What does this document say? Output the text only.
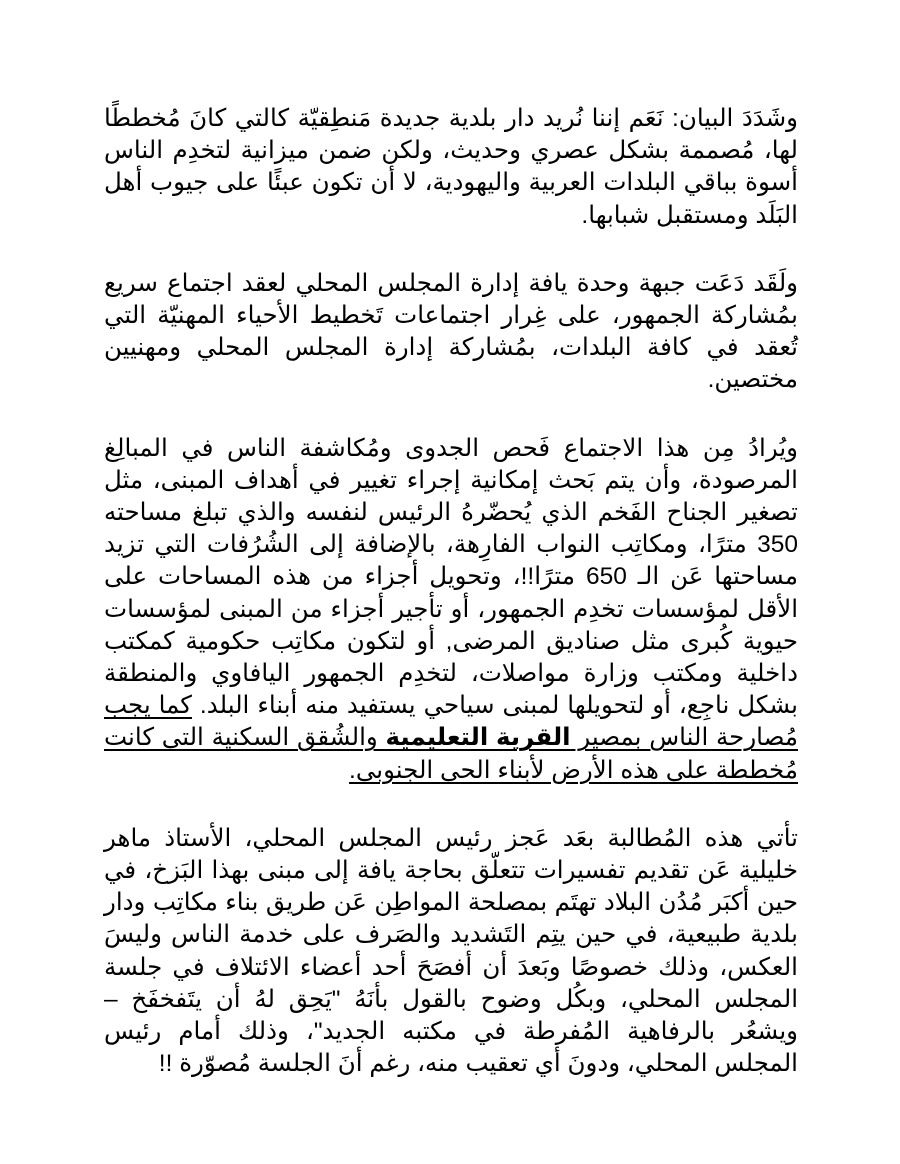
وشَدَدَ البيان: نَعَم إننا نُريد دار بلدية جديدة مَنطِقيّة كالتي كانَ مُخططًا لها، مُصممة بشكل عصري وحديث، ولكن ضمن ميزانية لتخدِم الناس أسوة بباقي البلدات العربية واليهودية، لا أن تكون عبئًا على جيوب أهل البَلَد ومستقبل شبابها.

ولَقَد دَعَت جبهة وحدة يافة إدارة المجلس المحلي لعقد اجتماع سريع بمُشاركة الجمهور، على غِرار اجتماعات تَخطيط الأحياء المهنيّة التي تُعقد في كافة البلدات، بمُشاركة إدارة المجلس المحلي ومهنيين مختصين.

ويُرادُ مِن هذا الاجتماع فَحص الجدوى ومُكاشفة الناس في المبالِغ المرصودة، وأن يتم بَحث إمكانية إجراء تغيير في أهداف المبنى، مثل تصغير الجناح الفَخم الذي يُحضّرهُ الرئيس لنفسه والذي تبلغ مساحته 350 مترًا، ومكاتِب النواب الفارِهة، بالإضافة إلى الشُرُفات التي تزيد مساحتها عَن الـ 650 مترًا!!، وتحويل أجزاء من هذه المساحات على الأقل لمؤسسات تخدِم الجمهور، أو تأجير أجزاء من المبنى لمؤسسات حيوية كُبرى مثل صناديق المرضى, أو لتكون مكاتِب حكومية كمكتب داخلية ومكتب وزارة مواصلات، لتخدِم الجمهور اليافاوي والمنطقة بشكل ناجِع، أو لتحويلها لمبنى سياحي يستفيد منه أبناء البلد. كما يجب مُصارحة الناس بمصير القرية التعليمية والشُقق السكنية التى كانت مُخططة على هذه الأرض لأبناء الحى الجنوبى.

تأتي هذه المُطالبة بعَد عَجز رئيس المجلس المحلي، الأستاذ ماهر خليلية عَن تقديم تفسيرات تتعلّق بحاجة يافة إلى مبنى بهذا البَزخ، في حين أكبَر مُدُن البلاد تهتَم بمصلحة المواطِن عَن طريق بناء مكاتِب ودار بلدية طبيعية، في حين يتِم التَشديد والصَرف على خدمة الناس وليسَ العكس، وذلك خصوصًا وبَعدَ أن أفصَحَ أحد أعضاء الائتلاف في جلسة المجلس المحلي، وبكُل وضوح بالقول بأنَهُ "يَحِق لهُ أن يتَفخفَخ – ويشعُر بالرفاهية المُفرطة في مكتبه الجديد"، وذلك أمام رئيس المجلس المحلي، ودونَ أي تعقيب منه، رغم أنَ الجلسة مُصوّرة !!
